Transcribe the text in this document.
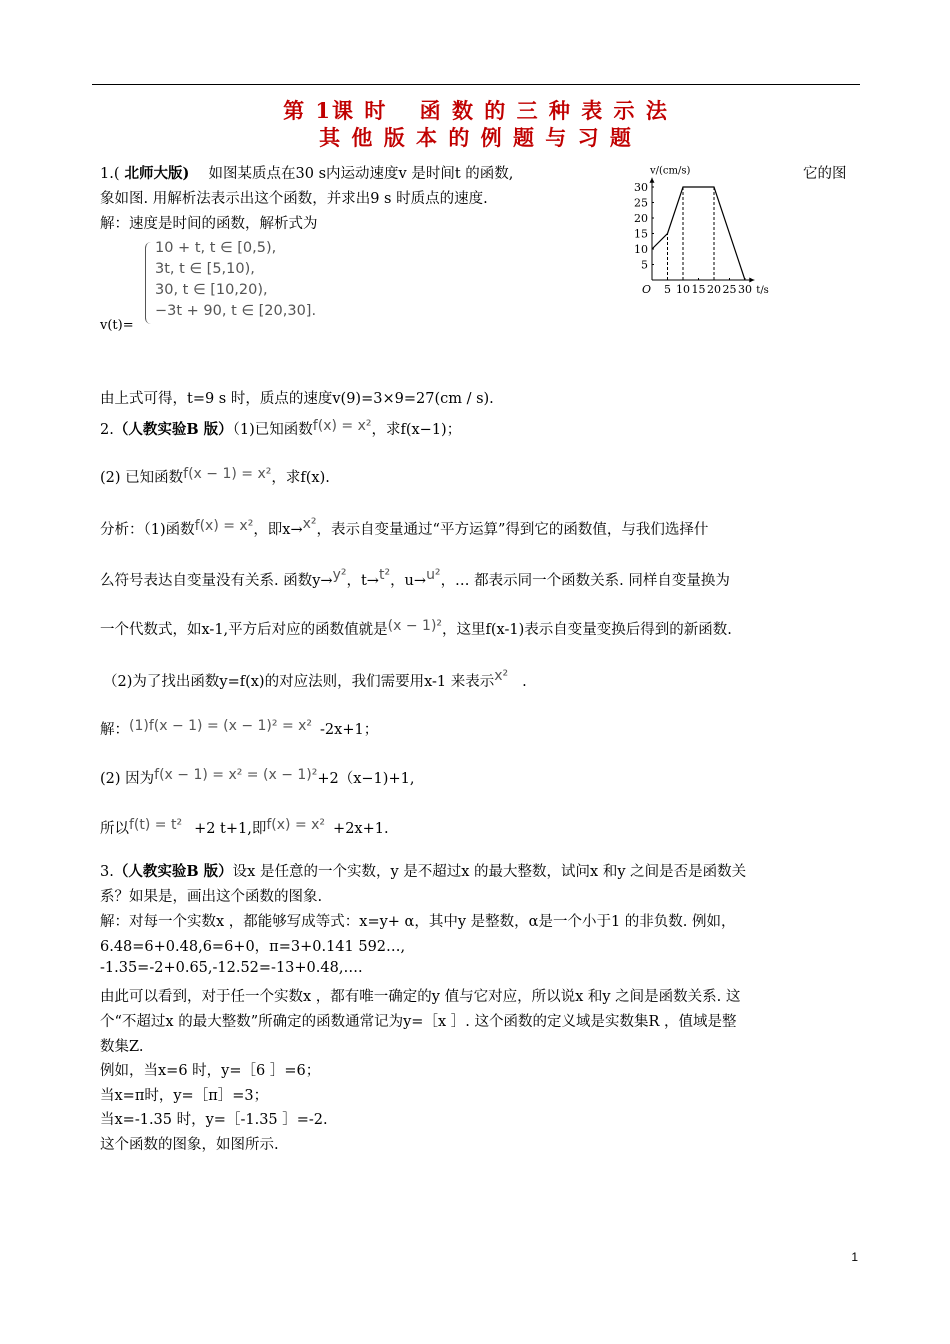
第 1课 时　 函 数 的 三 种 表 示 法
其 他 版 本 的 例 题 与 习 题
1.( 北师大版)　 如图某质点在30 s内运动速度v 是时间t 的函数,	它的图
象如图. 用解析法表示出这个函数，并求出9 s 时质点的速度.
解：速度是时间的函数，解析式为
10 + t, t ∈ [0,5),
3t, t ∈ [5,10),
30, t ∈ [10,20),
−3t + 90, t ∈ [20,30].
v(t)=
5 10 15 20 25 30
5
10
15
20
25
30
O
v/(cm/s)
t/s
由上式可得，t=9 s 时，质点的速度v(9)=3×9=27(cm / s).
2.（人教实验B 版）（1)已知函数f(x) = x²，求f(x−1)；
(2) 已知函数f(x − 1) = x²，求f(x).
分析：（1)函数f(x) = x²，即x→x²，表示自变量通过“平方运算”得到它的函数值，与我们选择什
么符号表达自变量没有关系. 函数y→y²，t→t²，u→u²，… 都表示同一个函数关系. 同样自变量换为
一个代数式，如x-1,平方后对应的函数值就是(x − 1)²，这里f(x-1)表示自变量变换后得到的新函数.
（2)为了找出函数y=f(x)的对应法则，我们需要用x-1 来表示x² .
解：(1)f(x − 1) = (x − 1)² = x² -2x+1；
(2) 因为f(x − 1) = x² = (x − 1)²+2（x−1)+1,
所以f(t) = t² +2 t+1,即f(x) = x² +2x+1.
3.（人教实验B 版）设x 是任意的一个实数，y 是不超过x 的最大整数，试问x 和y 之间是否是函数关
系？如果是，画出这个函数的图象.
解：对每一个实数x ，都能够写成等式：x=y+ α，其中y 是整数，α是一个小于1 的非负数. 例如，
6.48=6+0.48,6=6+0，π=3+0.141 592…,
-1.35=-2+0.65,-12.52=-13+0.48,….
由此可以看到，对于任一个实数x ，都有唯一确定的y 值与它对应，所以说x 和y 之间是函数关系. 这
个“不超过x 的最大整数”所确定的函数通常记为y=［x ］. 这个函数的定义域是实数集R ，值域是整
数集Z.
例如，当x=6 时，y=［6 ］=6；
当x=π时，y=［π］=3；
当x=-1.35 时，y=［-1.35 ］=-2.
这个函数的图象，如图所示.
1
